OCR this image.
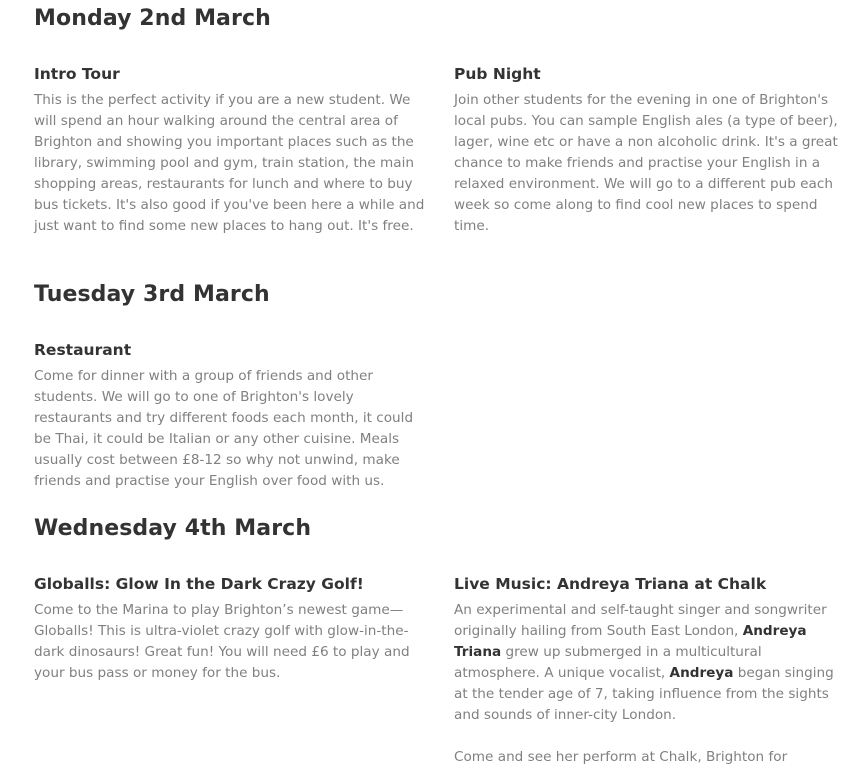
Monday 2nd March
Intro Tour

This is the perfect activity if you are a new student. We will spend an hour walking around the central area of Brighton and showing you important places such as the library, swimming pool and gym, train station, the main shopping areas, restaurants for lunch and where to buy bus tickets. It's also good if you've been here a while and just want to find some new places to hang out. It's free.

Pub Night

Join other students for the evening in one of Brighton's local pubs. You can sample English ales (a type of beer), lager, wine etc or have a non alcoholic drink. It's a great chance to make friends and practise your English in a relaxed environment. We will go to a different pub each week so come along to find cool new places to spend time.

Tuesday 3rd March
Restaurant

Come for dinner with a group of friends and other students. We will go to one of Brighton's lovely restaurants and try different foods each month, it could be Thai, it could be Italian or any other cuisine. Meals usually cost between £8-12 so why not unwind, make friends and practise your English over food with us.

Wednesday 4th March
Globalls: Glow In the Dark Crazy Golf!

Come to the Marina to play Brighton’s newest game—Globalls! This is ultra-violet crazy golf with glow-in-the-dark dinosaurs! Great fun! You will need £6 to play and your bus pass or money for the bus.

Live Music: Andreya Triana at Chalk

An experimental and self-taught singer and songwriter originally hailing from South East London, Andreya Triana grew up submerged in a multicultural atmosphere. A unique vocalist, Andreya began singing at the tender age of 7, taking influence from the sights and sounds of inner-city London.

Come and see her perform at Chalk, Brighton for
